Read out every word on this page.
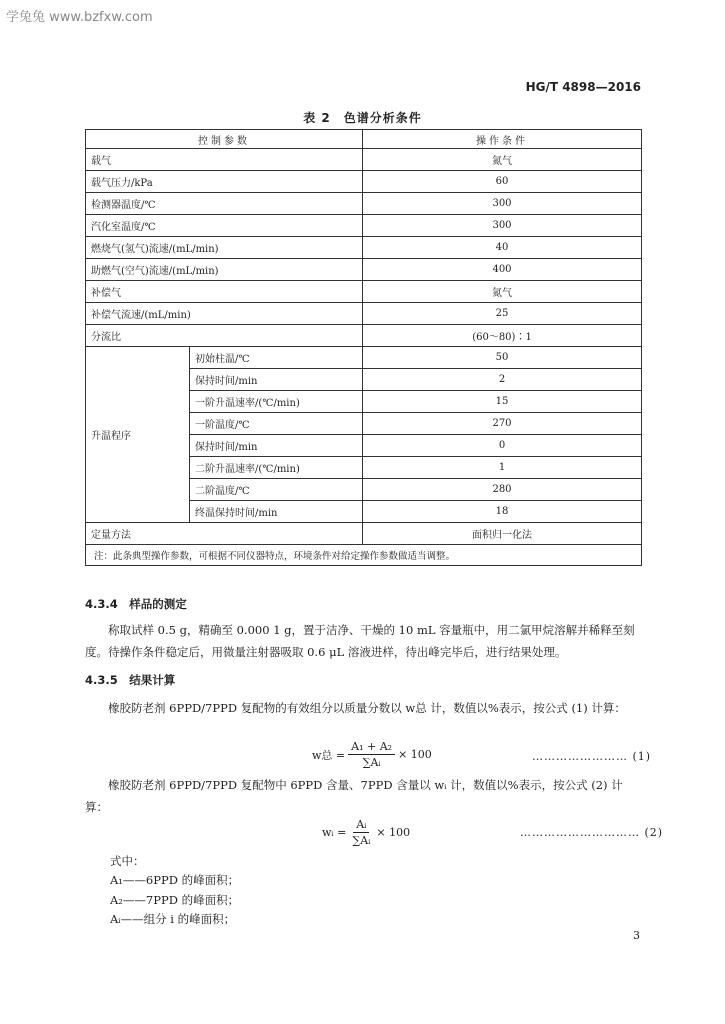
学兔兔 www.bzfxw.com
HG/T 4898—2016
表 2　色谱分析条件
控制参数		操作条件
载气		氮气
载气压力/kPa		60
检测器温度/℃		300
汽化室温度/℃		300
燃烧气(氢气)流速/(mL/min)		40
助燃气(空气)流速/(mL/min)		400
补偿气		氮气
补偿气流速/(mL/min)		25
分流比		(60～80)∶1
升温程序	初始柱温/℃	50
	保持时间/min	2
	一阶升温速率/(℃/min)	15
	一阶温度/℃	270
	保持时间/min	0
	二阶升温速率/(℃/min)	1
	二阶温度/℃	280
	终温保持时间/min	18
定量方法		面积归一化法
注：此条典型操作参数，可根据不同仪器特点，环境条件对给定操作参数做适当调整。		
4.3.4　样品的测定
称取试样 0.5 g，精确至 0.000 1 g，置于洁净、干燥的 10 mL 容量瓶中，用二氯甲烷溶解并稀释至刻度。待操作条件稳定后，用微量注射器吸取 0.6 μL 溶液进样，待出峰完毕后，进行结果处理。
4.3.5　结果计算
橡胶防老剂 6PPD/7PPD 复配物的有效组分以质量分数以 w总 计，数值以%表示，按公式 (1) 计算：
w总 = $\frac{\text{A₁ + A₂}}{\text{∑Aᵢ}} \times 100$	…………………… (1)
橡胶防老剂 6PPD/7PPD 复配物中 6PPD 含量、7PPD 含量以 wᵢ 计，数值以%表示，按公式 (2) 计算：
wᵢ = $\frac{\text{Aᵢ}}{\text{∑Aᵢ}} \times 100$	………………………… (2)
式中：
A₁——6PPD 的峰面积；
A₂——7PPD 的峰面积；
Aᵢ——组分 i 的峰面积；
3
